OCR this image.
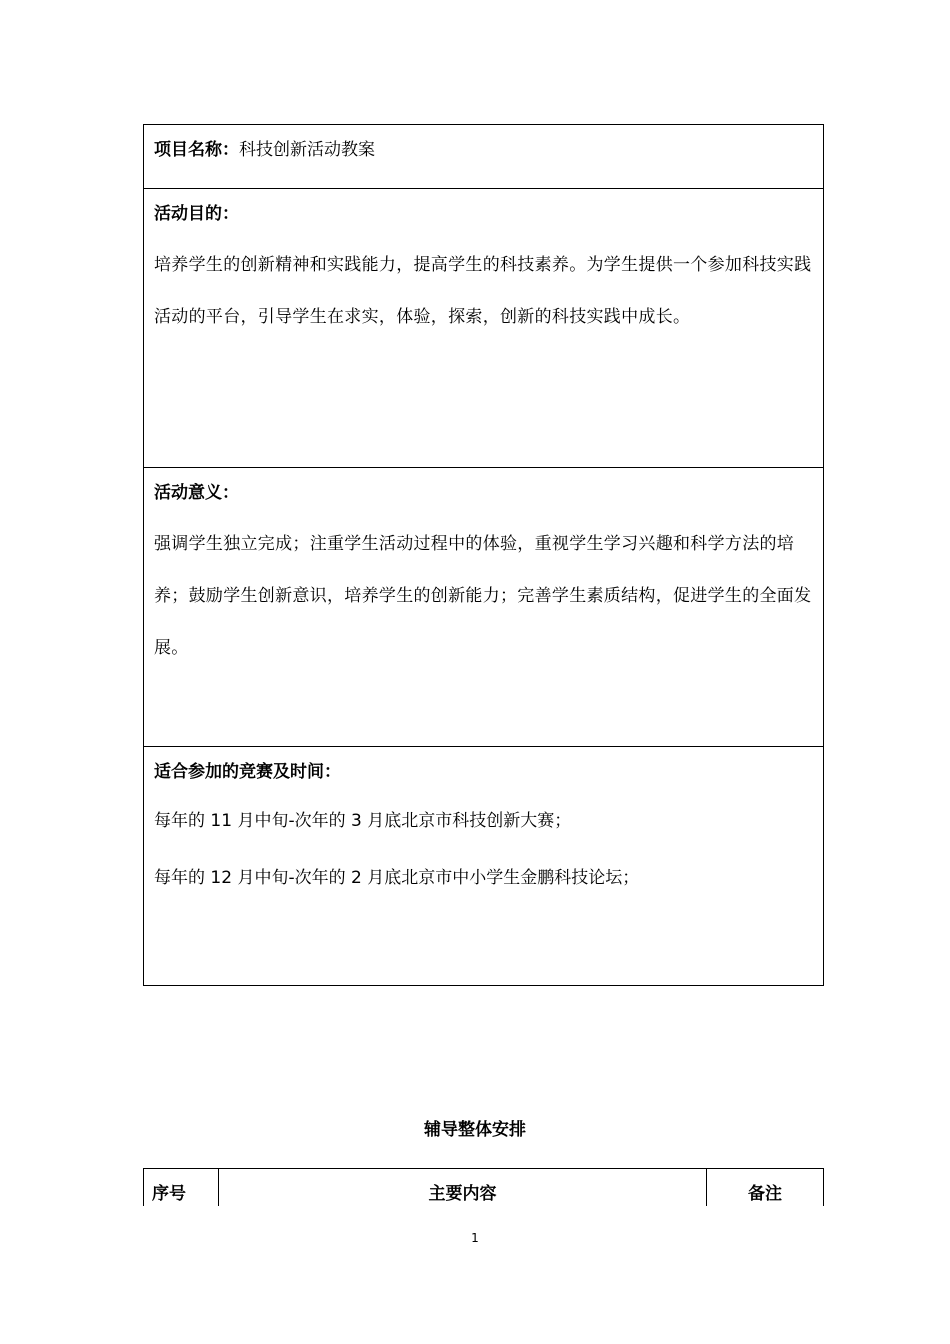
项目名称：科技创新活动教案

活动目的：
培养学生的创新精神和实践能力，提高学生的科技素养。为学生提供一个参加科技实践活动的平台，引导学生在求实，体验，探索，创新的科技实践中成长。

活动意义：
强调学生独立完成；注重学生活动过程中的体验，重视学生学习兴趣和科学方法的培养；鼓励学生创新意识，培养学生的创新能力；完善学生素质结构，促进学生的全面发展。

适合参加的竞赛及时间：
每年的 11 月中旬-次年的 3 月底北京市科技创新大赛；
每年的 12 月中旬-次年的 2 月底北京市中小学生金鹏科技论坛；
辅导整体安排
序号	主要内容	备注
1
